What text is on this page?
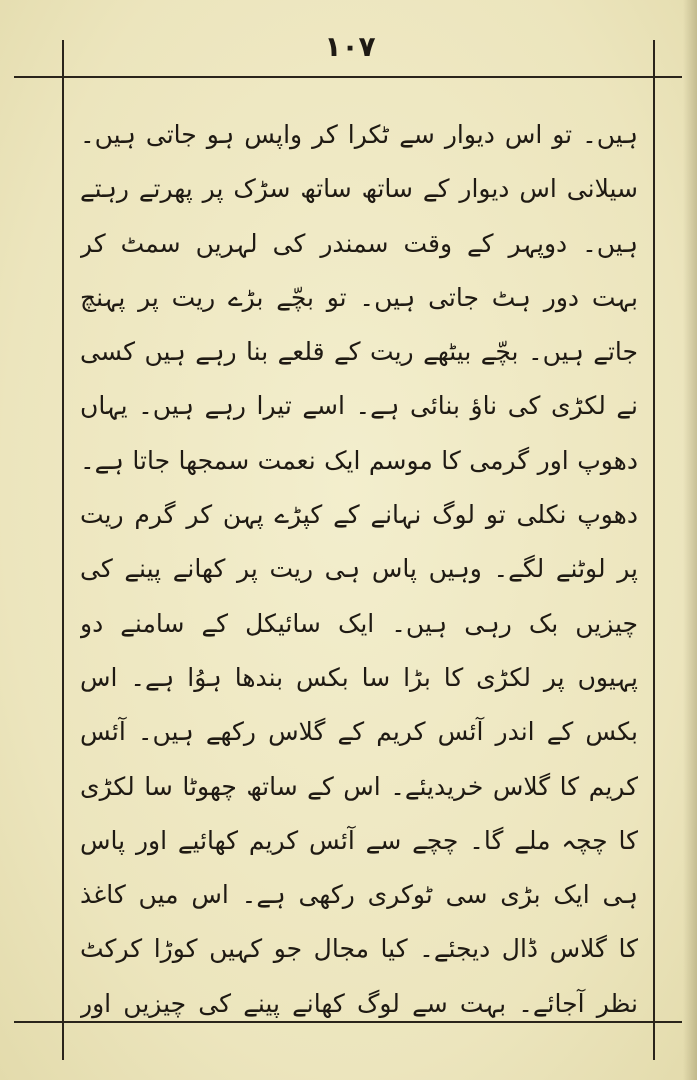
١٠٧
ہیں۔ تو اس دیوار سے ٹکرا کر واپس ہو جاتی ہیں۔
سیلانی اس دیوار کے ساتھ ساتھ سڑک پر پھرتے رہتے
ہیں۔ دوپہر کے وقت سمندر کی لہریں سمٹ کر
بہت دور ہٹ جاتی ہیں۔ تو بچّے بڑے ریت پر پہنچ
جاتے ہیں۔ بچّے بیٹھے ریت کے قلعے بنا رہے ہیں کسی
نے لکڑی کی ناؤ بنائی ہے۔ اسے تیرا رہے ہیں۔ یہاں
دھوپ اور گرمی کا موسم ایک نعمت سمجھا جاتا ہے۔
دھوپ نکلی تو لوگ نہانے کے کپڑے پہن کر گرم ریت
پر لوٹنے لگے۔ وہیں پاس ہی ریت پر کھانے پینے کی
چیزیں بک رہی ہیں۔ ایک سائیکل کے سامنے دو
پہیوں پر لکڑی کا بڑا سا بکس بندھا ہوُا ہے۔ اس
بکس کے اندر آئس کریم کے گلاس رکھے ہیں۔ آئس
کریم کا گلاس خریدیئے۔ اس کے ساتھ چھوٹا سا لکڑی
کا چچہ ملے گا۔ چچے سے آئس کریم کھائیے اور پاس
ہی ایک بڑی سی ٹوکری رکھی ہے۔ اس میں کاغذ
کا گلاس ڈال دیجئے۔ کیا مجال جو کہیں کوڑا کرکٹ
نظر آجائے۔ بہت سے لوگ کھانے پینے کی چیزیں اور
